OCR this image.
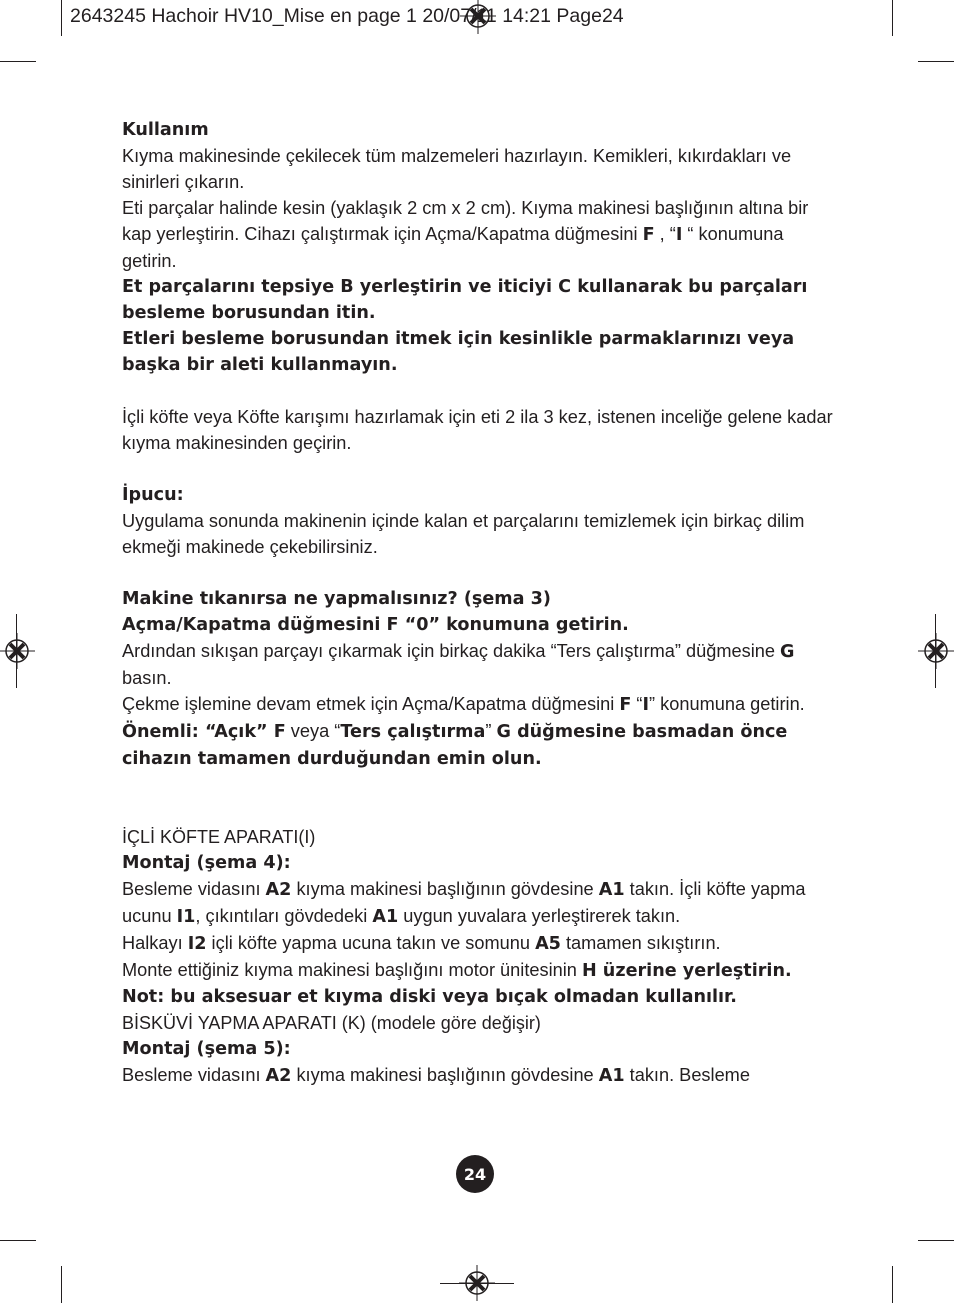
2643245 Hachoir HV10_Mise en page 1 20/07/11 14:21 Page24

Kullanım

Kıyma makinesinde çekilecek tüm malzemeleri hazırlayın. Kemikleri, kıkırdakları ve sinirleri çıkarın.

Eti parçalar halinde kesin (yaklaşık 2 cm x 2 cm). Kıyma makinesi başlığının altına bir kap yerleştirin. Cihazı çalıştırmak için Açma/Kapatma düğmesini F , “I “ konumuna getirin.

Et parçalarını tepsiye B yerleştirin ve iticiyi C kullanarak bu parçaları besleme borusundan itin.

Etleri besleme borusundan itmek için kesinlikle parmaklarınızı veya başka bir aleti kullanmayın.

İçli köfte veya Köfte karışımı hazırlamak için eti 2 ila 3 kez, istenen inceliğe gelene kadar kıyma makinesinden geçirin.

İpucu:

Uygulama sonunda makinenin içinde kalan et parçalarını temizlemek için birkaç dilim ekmeği makinede çekebilirsiniz.

Makine tıkanırsa ne yapmalısınız? (şema 3)

Açma/Kapatma düğmesini F “0” konumuna getirin.

Ardından sıkışan parçayı çıkarmak için birkaç dakika “Ters çalıştırma” düğmesine G basın.

Çekme işlemine devam etmek için Açma/Kapatma düğmesini F “I” konumuna getirin.

Önemli: “Açık” F veya “Ters çalıştırma” G düğmesine basmadan önce cihazın tamamen durduğundan emin olun.

İÇLİ KÖFTE APARATI(I)

Montaj (şema 4):

Besleme vidasını A2 kıyma makinesi başlığının gövdesine A1 takın. İçli köfte yapma ucunu I1, çıkıntıları gövdedeki A1 uygun yuvalara yerleştirerek takın.

Halkayı I2 içli köfte yapma ucuna takın ve somunu A5 tamamen sıkıştırın.

Monte ettiğiniz kıyma makinesi başlığını motor ünitesinin H üzerine yerleştirin.

Not: bu aksesuar et kıyma diski veya bıçak olmadan kullanılır.

BİSKÜVİ YAPMA APARATI (K) (modele göre değişir)

Montaj (şema 5):

Besleme vidasını A2 kıyma makinesi başlığının gövdesine A1 takın. Besleme

24
